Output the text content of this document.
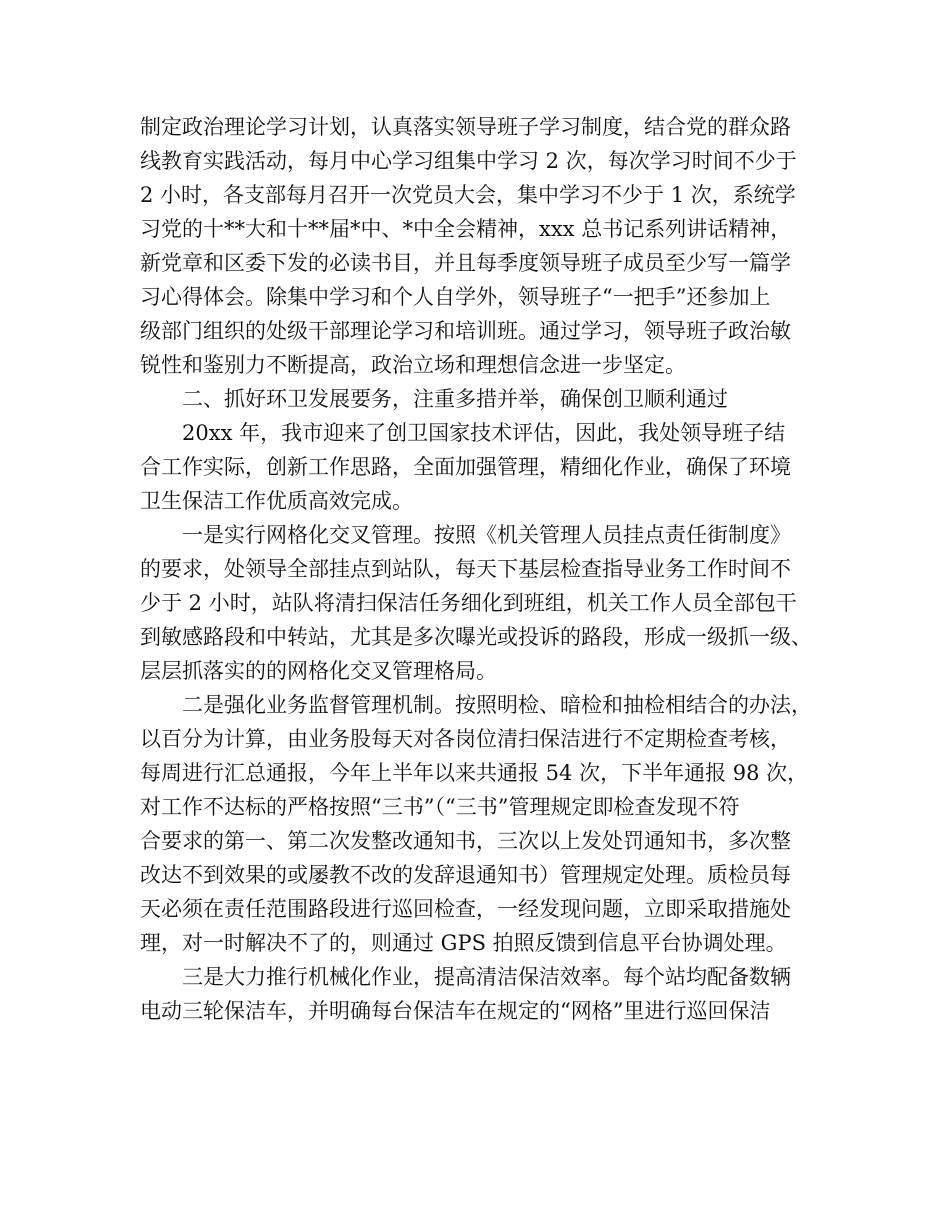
制定政治理论学习计划，认真落实领导班子学习制度，结合党的群众路
线教育实践活动，每月中心学习组集中学习 2 次，每次学习时间不少于
2 小时，各支部每月召开一次党员大会，集中学习不少于 1 次，系统学
习党的十**大和十**届*中、*中全会精神，xxx 总书记系列讲话精神，
新党章和区委下发的必读书目，并且每季度领导班子成员至少写一篇学
习心得体会。除集中学习和个人自学外，领导班子“一把手”还参加上
级部门组织的处级干部理论学习和培训班。通过学习，领导班子政治敏
锐性和鉴别力不断提高，政治立场和理想信念进一步坚定。
二、抓好环卫发展要务，注重多措并举，确保创卫顺利通过
20xx 年，我市迎来了创卫国家技术评估，因此，我处领导班子结
合工作实际，创新工作思路，全面加强管理，精细化作业，确保了环境
卫生保洁工作优质高效完成。
一是实行网格化交叉管理。按照《机关管理人员挂点责任街制度》
的要求，处领导全部挂点到站队，每天下基层检查指导业务工作时间不
少于 2 小时，站队将清扫保洁任务细化到班组，机关工作人员全部包干
到敏感路段和中转站，尤其是多次曝光或投诉的路段，形成一级抓一级、
层层抓落实的的网格化交叉管理格局。
二是强化业务监督管理机制。按照明检、暗检和抽检相结合的办法，
以百分为计算，由业务股每天对各岗位清扫保洁进行不定期检查考核，
每周进行汇总通报，今年上半年以来共通报 54 次，下半年通报 98 次，
对工作不达标的严格按照“三书”（“三书”管理规定即检查发现不符
合要求的第一、第二次发整改通知书，三次以上发处罚通知书，多次整
改达不到效果的或屡教不改的发辞退通知书）管理规定处理。质检员每
天必须在责任范围路段进行巡回检查，一经发现问题，立即采取措施处
理，对一时解决不了的，则通过 GPS 拍照反馈到信息平台协调处理。
三是大力推行机械化作业，提高清洁保洁效率。每个站均配备数辆
电动三轮保洁车，并明确每台保洁车在规定的“网格”里进行巡回保洁
